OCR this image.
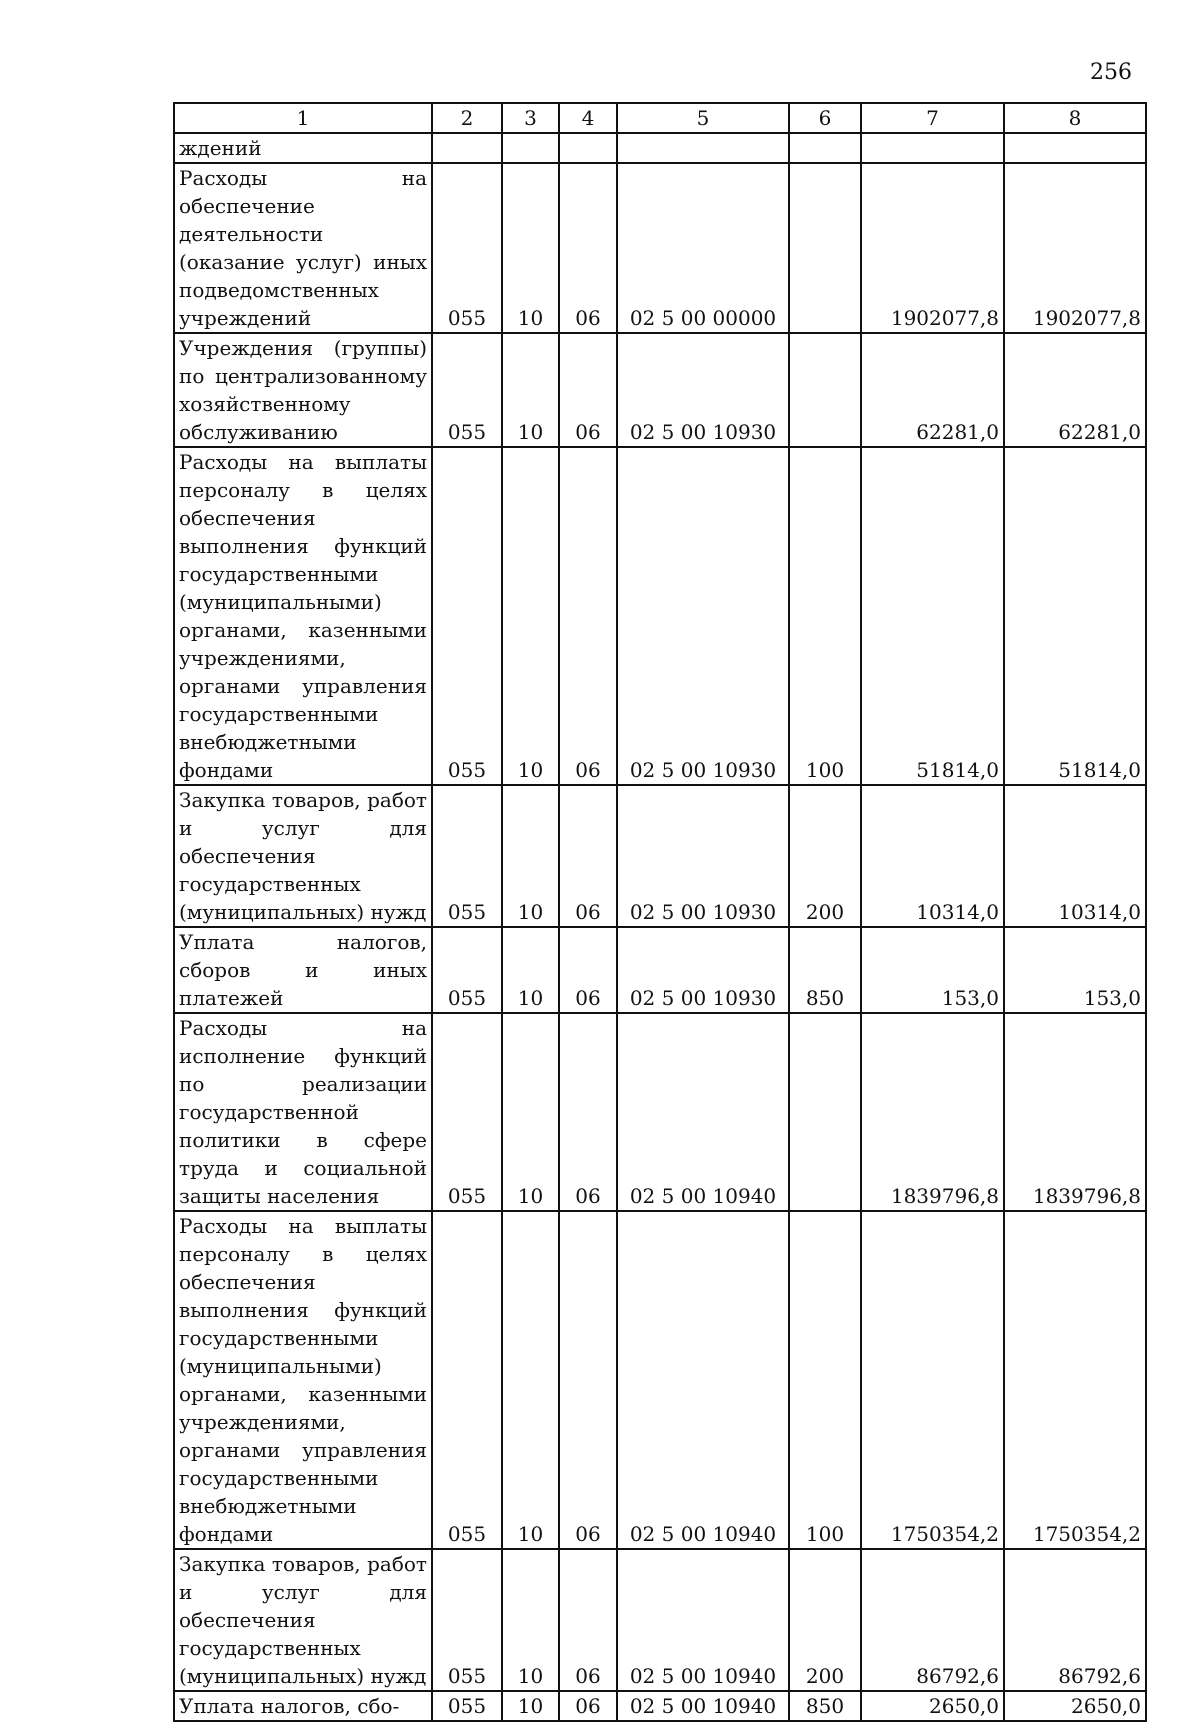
256
1	2	3	4	5	6	7	8
ждений							
Расходы на обеспечение деятельности (оказание услуг) иных подведомственных учреждений	055	10	06	02 5 00 00000		1902077,8	1902077,8
Учреждения (группы) по централизованному хозяйственному обслуживанию	055	10	06	02 5 00 10930		62281,0	62281,0
Расходы на выплаты персоналу в целях обеспечения выполнения функций государственными (муниципальными) органами, казенными учреждениями, органами управления государственными внебюджетными фондами	055	10	06	02 5 00 10930	100	51814,0	51814,0
Закупка товаров, работ и услуг для обеспечения государственных (муниципальных) нужд	055	10	06	02 5 00 10930	200	10314,0	10314,0
Уплата налогов, сборов и иных платежей	055	10	06	02 5 00 10930	850	153,0	153,0
Расходы на исполнение функций по реализации государственной политики в сфере труда и социальной защиты населения	055	10	06	02 5 00 10940		1839796,8	1839796,8
Расходы на выплаты персоналу в целях обеспечения выполнения функций государственными (муниципальными) органами, казенными учреждениями, органами управления государственными внебюджетными фондами	055	10	06	02 5 00 10940	100	1750354,2	1750354,2
Закупка товаров, работ и услуг для обеспечения государственных (муниципальных) нужд	055	10	06	02 5 00 10940	200	86792,6	86792,6
Уплата налогов, сбо-	055	10	06	02 5 00 10940	850	2650,0	2650,0
